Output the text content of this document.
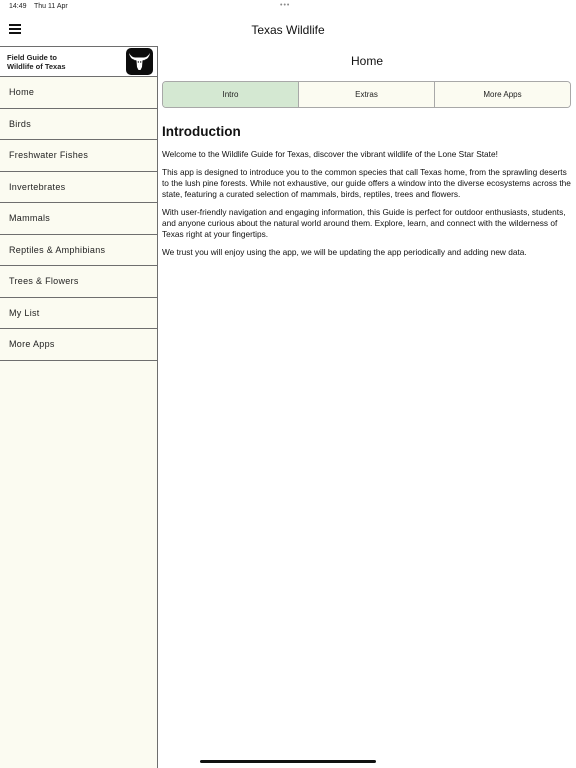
14:49 Thu 11 Apr	•••
Texas Wildlife
Field Guide to
Wildlife of Texas
Home
Birds
Freshwater Fishes
Invertebrates
Mammals
Reptiles & Amphibians
Trees & Flowers
My List
More Apps
Home
Intro	Extras	More Apps
Introduction

Welcome to the Wildlife Guide for Texas, discover the vibrant wildlife of the Lone Star State!

This app is designed to introduce you to the common species that call Texas home, from the sprawling deserts to the lush pine forests. While not exhaustive, our guide offers a window into the diverse ecosystems across the state, featuring a curated selection of mammals, birds, reptiles, trees and flowers.

With user-friendly navigation and engaging information, this Guide is perfect for outdoor enthusiasts, students, and anyone curious about the natural world around them. Explore, learn, and connect with the wilderness of Texas right at your fingertips.

We trust you will enjoy using the app, we will be updating the app periodically and adding new data.
